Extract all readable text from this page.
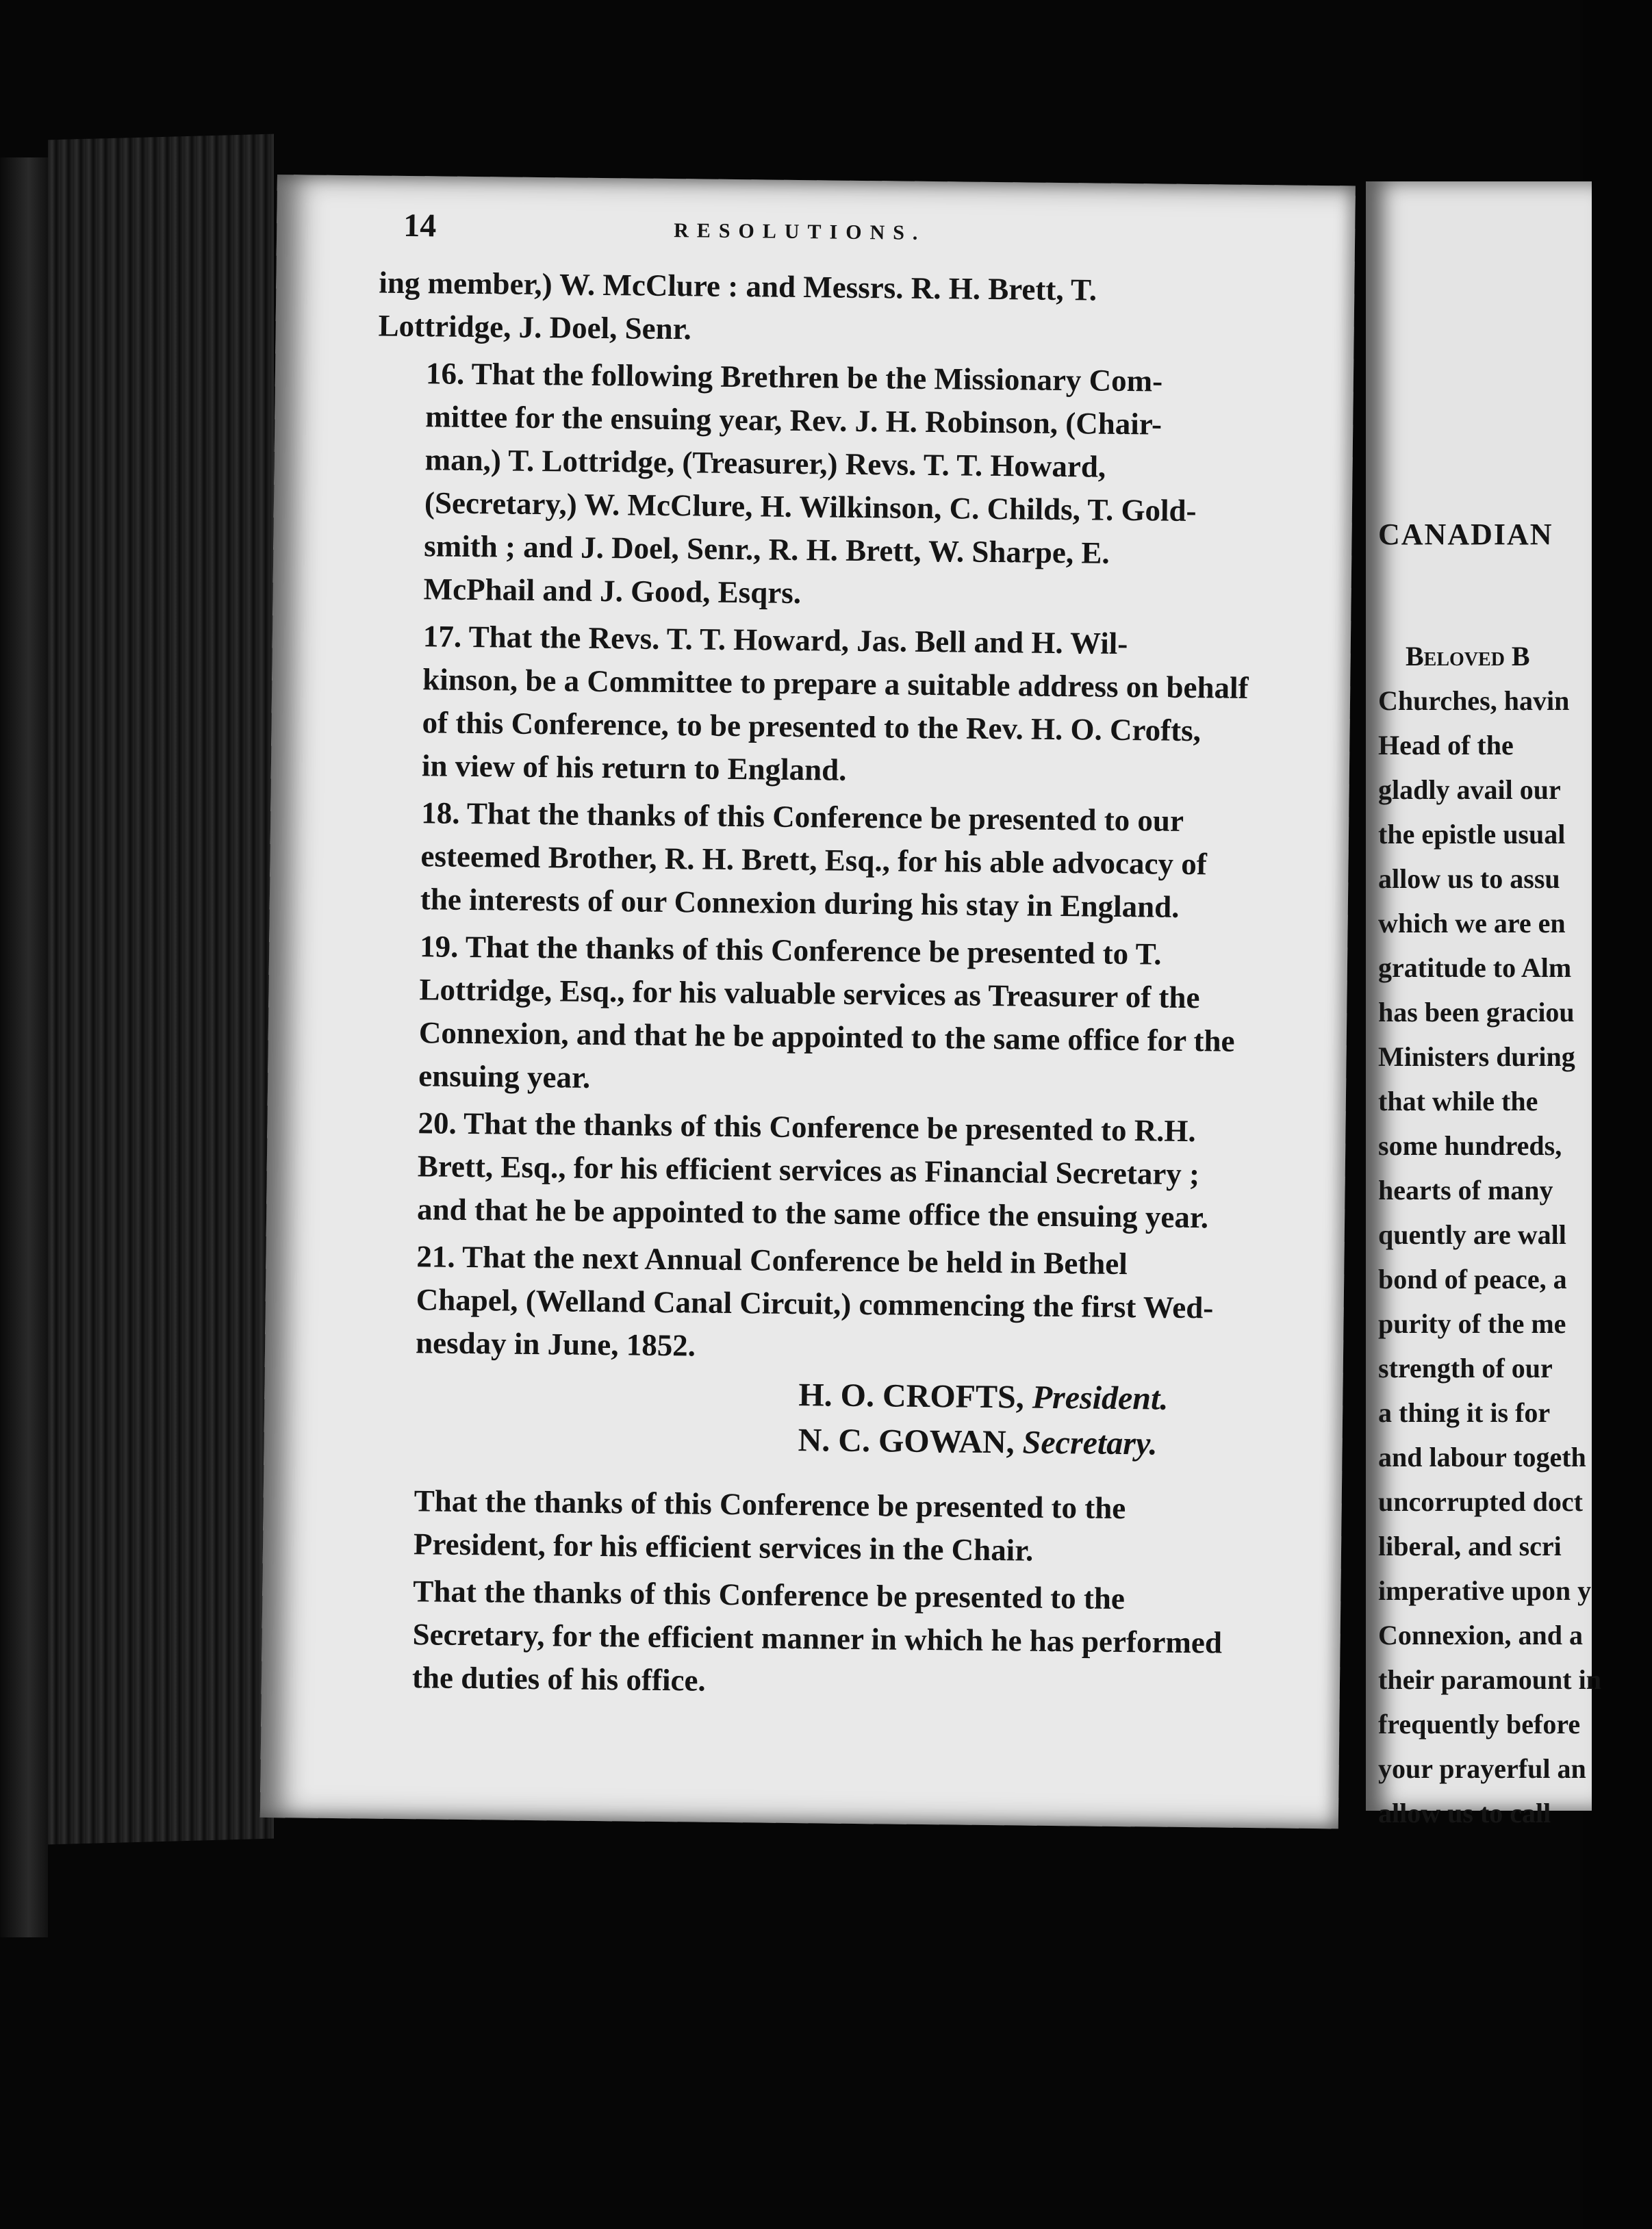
14	RESOLUTIONS.
ing member,) W. McClure : and Messrs. R. H. Brett, T.
Lottridge, J. Doel, Senr.
16. That the following Brethren be the Missionary Com-
mittee for the ensuing year, Rev. J. H. Robinson, (Chair-
man,) T. Lottridge, (Treasurer,) Revs. T. T. Howard,
(Secretary,) W. McClure, H. Wilkinson, C. Childs, T. Gold-
smith ; and J. Doel, Senr., R. H. Brett, W. Sharpe, E.
McPhail and J. Good, Esqrs.
17. That the Revs. T. T. Howard, Jas. Bell and H. Wil-
kinson, be a Committee to prepare a suitable address on behalf
of this Conference, to be presented to the Rev. H. O. Crofts,
in view of his return to England.
18. That the thanks of this Conference be presented to our
esteemed Brother, R. H. Brett, Esq., for his able advocacy of
the interests of our Connexion during his stay in England.
19. That the thanks of this Conference be presented to T.
Lottridge, Esq., for his valuable services as Treasurer of the
Connexion, and that he be appointed to the same office for the
ensuing year.
20. That the thanks of this Conference be presented to R.H.
Brett, Esq., for his efficient services as Financial Secretary ;
and that he be appointed to the same office the ensuing year.
21. That the next Annual Conference be held in Bethel
Chapel, (Welland Canal Circuit,) commencing the first Wed-
nesday in June, 1852.
H. O. CROFTS, President.
N. C. GOWAN, Secretary.
That the thanks of this Conference be presented to the
President, for his efficient services in the Chair.
That the thanks of this Conference be presented to the
Secretary, for the efficient manner in which he has performed
the duties of his office.
CANADIAN
Beloved B
Churches, havin
Head of the
gladly avail our
the epistle usual
allow us to assu
which we are en
gratitude to Alm
has been graciou
Ministers during
that while the
some hundreds,
hearts of many
quently are wall
bond of peace, a
purity of the me
strength of our
a thing it is for
and labour togeth
uncorrupted doct
liberal, and scri
imperative upon y
Connexion, and a
their paramount in
frequently before
your prayerful an
allow us to call
